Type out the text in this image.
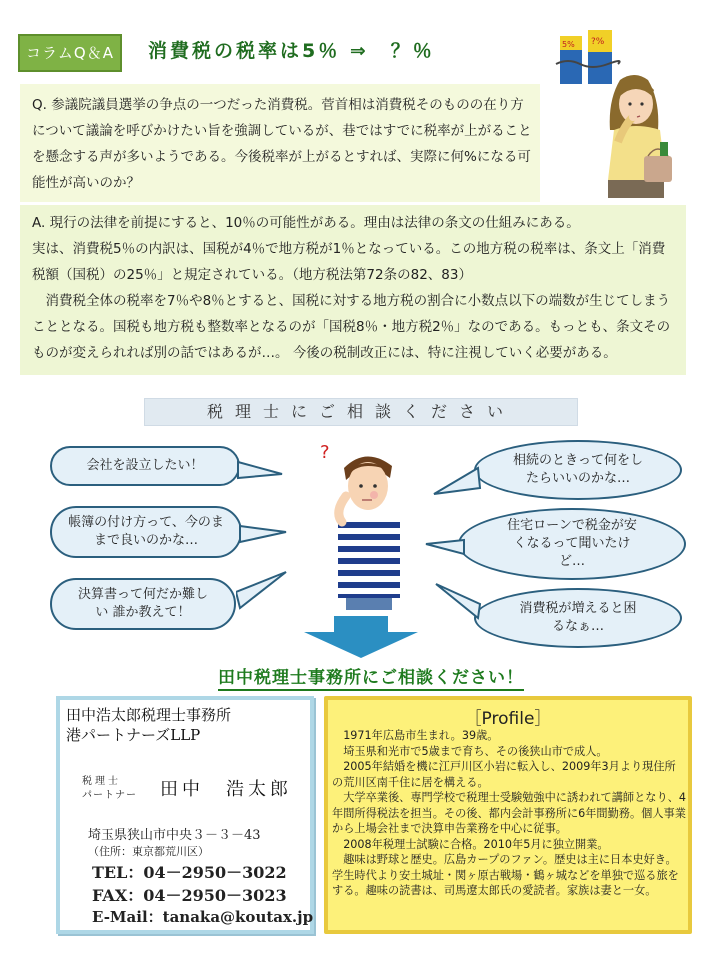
コラムQ＆A	消費税の税率は5％ ⇒　？％	5% ?%
Q. 参議院議員選挙の争点の一つだった消費税。菅首相は消費税そのものの在り方について議論を呼びかけたい旨を強調しているが、巷ではすでに税率が上がることを懸念する声が多いようである。今後税率が上がるとすれば、実際に何%になる可能性が高いのか？

A. 現行の法律を前提にすると、10％の可能性がある。理由は法律の条文の仕組みにある。

実は、消費税5％の内訳は、国税が4％で地方税が1％となっている。この地方税の税率は、条文上「消費税額（国税）の25％」と規定されている。（地方税法第72条の82、83）

　消費税全体の税率を7％や8％とすると、国税に対する地方税の割合に小数点以下の端数が生じてしまうこととなる。国税も地方税も整数率となるのが「国税8％・地方税2％」なのである。もっとも、条文そのものが変えられれば別の話ではあるが…。 今後の税制改正には、特に注視していく必要がある。

税理士にご相談ください
会社を設立したい！
帳簿の付け方って、今のままで良いのかな…
決算書って何だか難しい 誰か教えて！
相続のときって何をしたらいいのかな…
住宅ローンで税金が安くなるって聞いたけど…
消費税が増えると困るなぁ…
?
田中税理士事務所にご相談ください！
田中浩太郎税理士事務所
港パートナーズLLP
税理士
パートナー 田中　浩太郎
埼玉県狭山市中央３－３－43
（住所：東京都荒川区）
TEL：04－2950－3022
FAX：04－2950－3023
E-Mail：tanaka@koutax.jp
［Profile］

　1971年広島市生まれ。39歳。

　埼玉県和光市で5歳まで育ち、その後狭山市で成人。

　2005年結婚を機に江戸川区小岩に転入し、2009年3月より現住所の荒川区南千住に居を構える。

　大学卒業後、専門学校で税理士受験勉強中に誘われて講師となり、4年間所得税法を担当。その後、都内会計事務所に6年間勤務。個人事業から上場会社まで決算申告業務を中心に従事。

　2008年税理士試験に合格。2010年5月に独立開業。

　趣味は野球と歴史。広島カープのファン。歴史は主に日本史好き。学生時代より安土城址・関ヶ原古戦場・鶴ヶ城などを単独で巡る旅をする。趣味の読書は、司馬遼太郎氏の愛読者。家族は妻と一女。
